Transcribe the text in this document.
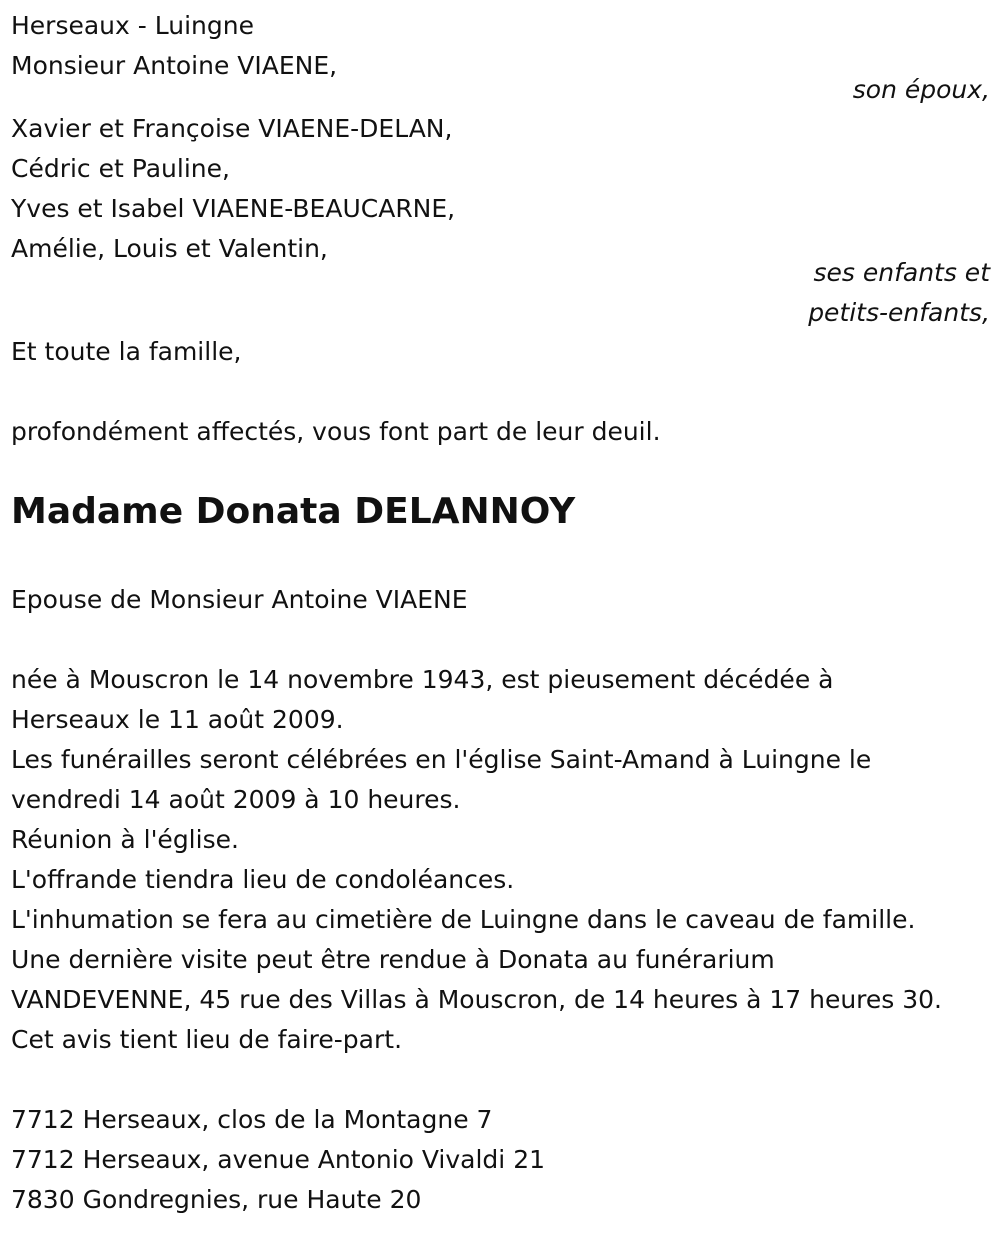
Herseaux - Luingne
Monsieur Antoine VIAENE,
son époux,
Xavier et Françoise VIAENE-DELAN,
Cédric et Pauline,
Yves et Isabel VIAENE-BEAUCARNE,
Amélie, Louis et Valentin,
ses enfants et
petits-enfants,
Et toute la famille,
profondément affectés, vous font part de leur deuil.
Madame Donata DELANNOY
Epouse de Monsieur Antoine VIAENE
née à Mouscron le 14 novembre 1943, est pieusement décédée à
Herseaux le 11 août 2009.
Les funérailles seront célébrées en l'église Saint-Amand à Luingne le
vendredi 14 août 2009 à 10 heures.
Réunion à l'église.
L'offrande tiendra lieu de condoléances.
L'inhumation se fera au cimetière de Luingne dans le caveau de famille.
Une dernière visite peut être rendue à Donata au funérarium
VANDEVENNE, 45 rue des Villas à Mouscron, de 14 heures à 17 heures 30.
Cet avis tient lieu de faire-part.
7712 Herseaux, clos de la Montagne 7
7712 Herseaux, avenue Antonio Vivaldi 21
7830 Gondregnies, rue Haute 20
